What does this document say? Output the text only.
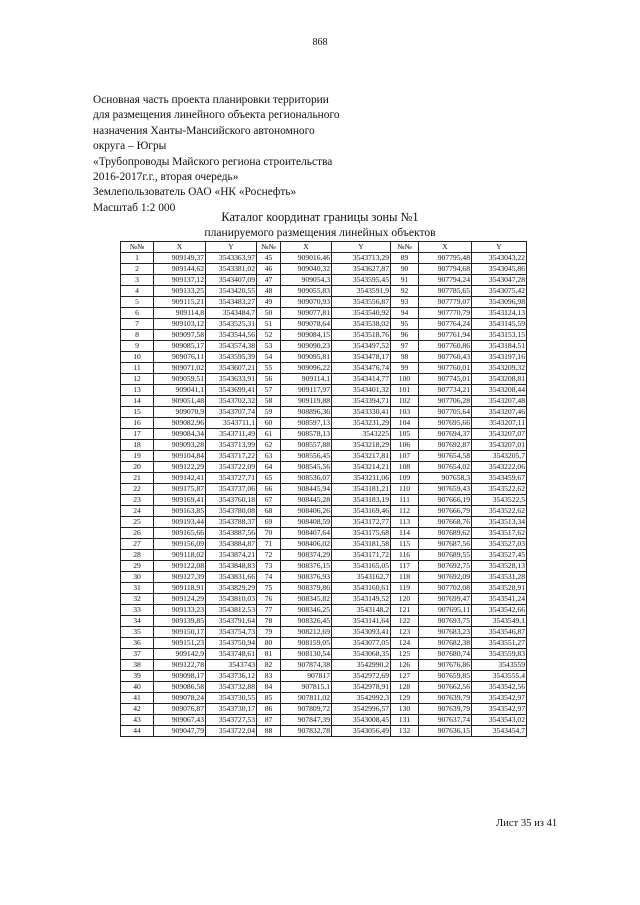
868
Основная часть проекта планировки территории
для размещения линейного объекта регионального
назначения Ханты-Мансийского автономного
округа – Югры
«Трубопроводы Майского региона строительства
2016-2017г.г., вторая очередь»
Землепользователь ОАО «НК «Роснефть»
Масштаб 1:2 000
Каталог координат границы зоны №1
планируемого размещения линейных объектов
№№	X	Y	№№	X	Y	№№	X	Y
1	909149,37	3543363,97	45	909016,46	3543713,29	89	907795,48	3543043,22
2	909144,62	3543381,02	46	909040,32	3543627,87	90	907794,68	3543045,86
3	909137,12	3543407,09	47	909054,3	3543595,45	91	907794,24	3543047,28
4	909133,25	3543420,55	48	909055,83	3543591,9	92	907785,65	3543075,42
5	909115,21	3543483,27	49	909070,93	3543556,87	93	907779,07	3543096,98
6	909114,8	3543484,7	50	909077,81	3543540,92	94	907770,79	3543124,13
7	909103,12	3543525,31	51	909078,64	3543538,02	95	907764,24	3543145,59
8	909097,58	3543544,56	52	909084,15	3543518,76	96	907761,94	3543153,15
9	909085,17	3543574,38	53	909090,23	3543497,52	97	907760,86	3543184,51
10	909076,11	3543595,39	54	909095,81	3543478,17	98	907760,43	3543197,16
11	909071,02	3543607,21	55	909096,22	3543476,74	99	907760,01	3543209,32
12	909059,51	3543633,91	56	909114,1	3543414,77	100	907745,01	3543208,81
13	909041,1	3543699,41	57	909117,97	3543401,32	101	907734,21	3543208,44
14	909051,48	3543702,32	58	909119,88	3543394,71	102	907706,28	3543207,48
15	909070,9	3543707,74	59	908896,36	3543330,41	103	907705,64	3543207,46
16	909082,96	3543711,1	60	908597,13	3543231,29	104	907695,66	3543207,11
17	909084,34	3543711,49	61	908578,13	3543225	105	907694,37	3543207,07
18	909093,28	3543713,99	62	908557,88	3543218,29	106	907692,87	3543207,01
19	909104,84	3543717,22	63	908556,45	3543217,81	107	907654,58	3543205,7
20	909122,29	3543722,09	64	908545,56	3543214,21	108	907654,02	3543222,06
21	909142,41	3543727,71	65	908536,07	3543211,06	109	907658,3	3543459,67
22	909175,87	3543737,06	66	908445,94	3543181,21	110	907659,43	3543522,62
23	909169,41	3543760,18	67	908445,28	3543183,19	111	907666,19	3543522,5
24	909163,85	3543780,08	68	908406,26	3543169,46	112	907666,79	3543522,62
25	909193,44	3543788,37	69	908408,59	3543172,77	113	907668,76	3543513,34
26	909165,66	3543887,56	70	908407,64	3543175,68	114	907689,62	3543517,62
27	909156,09	3543884,87	71	908406,02	3543181,58	115	907687,56	3543527,03
28	909118,02	3543874,21	72	908374,29	3543171,72	116	907689,55	3543527,45
29	909122,08	3543848,83	73	908376,15	3543165,05	117	907692,75	3543528,13
30	909127,39	3543831,66	74	908376,93	3543162,7	118	907692,09	3543531,28
31	909118,91	3543829,29	75	908379,86	3543160,61	119	907702,08	3543528,91
32	909124,29	3543810,03	76	908345,82	3543149,52	120	907699,47	3543541,24
33	909133,23	3543812,53	77	908346,25	3543148,2	121	907695,11	3543542,66
34	909139,85	3543791,64	78	908326,45	3543141,64	122	907693,75	3543549,1
35	909150,17	3543754,73	79	908212,69	3543093,41	123	907683,23	3543546,87
36	909151,23	3543750,94	80	908159,05	3543077,05	124	907682,38	3543551,27
37	909142,9	3543748,61	81	908130,54	3543068,35	125	907680,74	3543559,83
38	909122,78	3543743	82	907874,38	3542990,2	126	907676,86	3543559
39	909098,17	3543736,12	83	907817	3542972,69	127	907659,85	3543555,4
40	909086,58	3543732,88	84	907815,1	3542978,91	128	907662,56	3543542,56
41	909078,24	3543730,55	85	907811,02	3542992,3	129	907639,79	3543542,97
42	909076,87	3543730,17	86	907809,72	3542996,57	130	907639,79	3543542,97
43	909067,43	3543727,53	87	907847,39	3543008,45	131	907637,74	3543543,02
44	909047,79	3543722,04	88	907832,78	3543056,49	132	907636,15	3543454,7
Лист 35 из 41
